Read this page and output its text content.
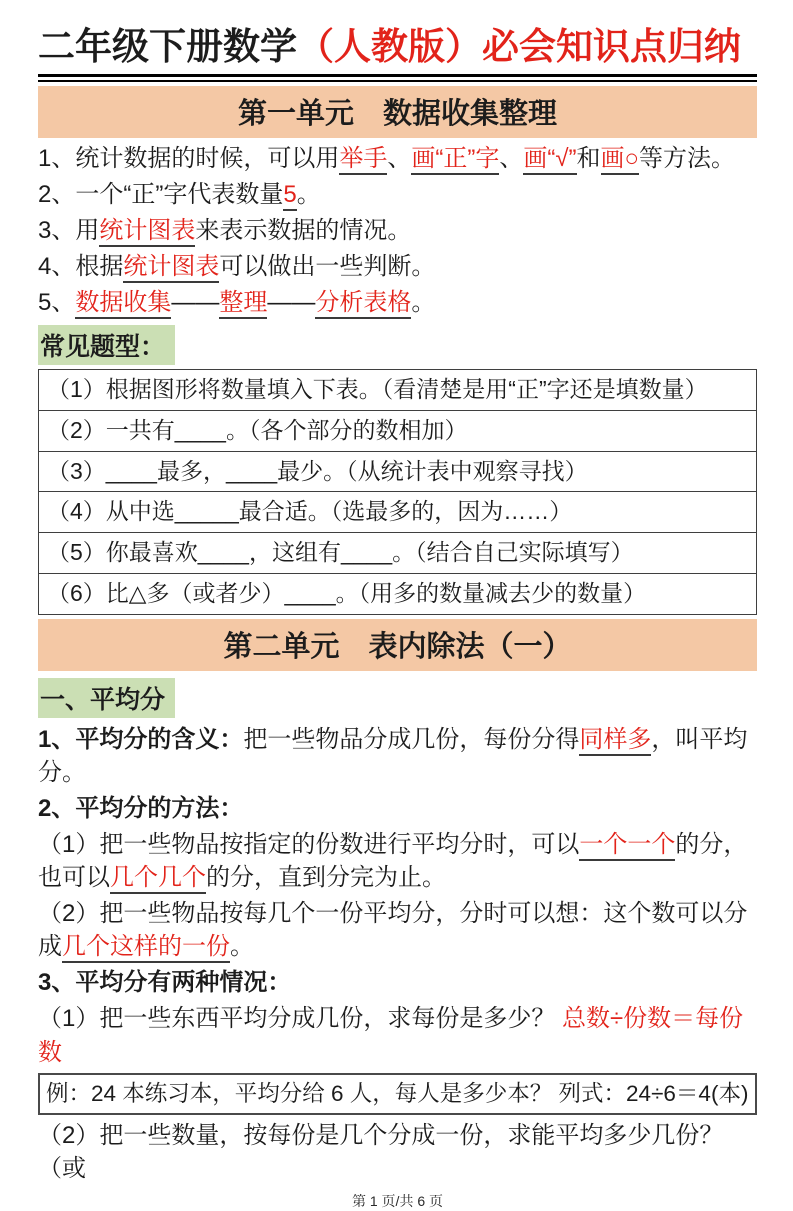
二年级下册数学（人教版）必会知识点归纳
第一单元　数据收集整理

1、统计数据的时候，可以用举手、画“正”字、画“√”和画○等方法。

2、一个“正”字代表数量5。

3、用统计图表来表示数据的情况。

4、根据统计图表可以做出一些判断。

5、数据收集——整理——分析表格。

常见题型：
（1）根据图形将数量填入下表。（看清楚是用“正”字还是填数量）
（2）一共有____。（各个部分的数相加）
（3）____最多，____最少。（从统计表中观察寻找）
（4）从中选_____最合适。（选最多的，因为……）
（5）你最喜欢____，这组有____。（结合自己实际填写）
（6）比△多（或者少）____。（用多的数量减去少的数量）
第二单元　表内除法（一）
一、平均分

1、平均分的含义：把一些物品分成几份，每份分得同样多，叫平均分。

2、平均分的方法：

（1）把一些物品按指定的份数进行平均分时，可以一个一个的分，也可以几个几个的分，直到分完为止。

（2）把一些物品按每几个一份平均分，分时可以想：这个数可以分成几个这样的一份。

3、平均分有两种情况：

（1）把一些东西平均分成几份，求每份是多少？ 总数÷份数＝每份数

例：24 本练习本，平均分给 6 人，每人是多少本？ 列式：24÷6＝4(本)

（2）把一些数量，按每份是几个分成一份，求能平均多少几份？（或

第 1 页/共 6 页
